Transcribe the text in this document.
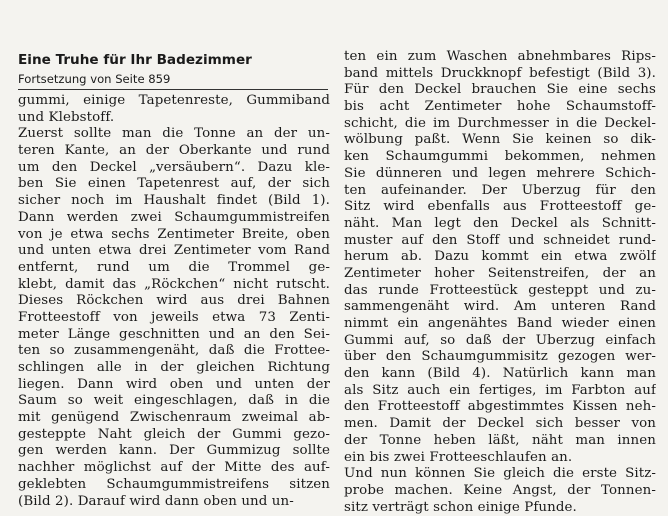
Eine Truhe für Ihr Badezimmer
Fortsetzung von Seite 859
gummi, einige Tapetenreste, Gummiband
und Klebstoff.
Zuerst sollte man die Tonne an der un-
teren Kante, an der Oberkante und rund
um den Deckel „versäubern“. Dazu kle-
ben Sie einen Tapetenrest auf, der sich
sicher noch im Haushalt findet (Bild 1).
Dann werden zwei Schaumgummistreifen
von je etwa sechs Zentimeter Breite, oben
und unten etwa drei Zentimeter vom Rand
entfernt, rund um die Trommel ge-
klebt, damit das „Röckchen“ nicht rutscht.
Dieses Röckchen wird aus drei Bahnen
Frotteestoff von jeweils etwa 73 Zenti-
meter Länge geschnitten und an den Sei-
ten so zusammengenäht, daß die Frottee-
schlingen alle in der gleichen Richtung
liegen. Dann wird oben und unten der
Saum so weit eingeschlagen, daß in die
mit genügend Zwischenraum zweimal ab-
gesteppte Naht gleich der Gummi gezo-
gen werden kann. Der Gummizug sollte
nachher möglichst auf der Mitte des auf-
geklebten Schaumgummistreifens sitzen
(Bild 2). Darauf wird dann oben und un-
ten ein zum Waschen abnehmbares Rips-
band mittels Druckknopf befestigt (Bild 3).
Für den Deckel brauchen Sie eine sechs
bis acht Zentimeter hohe Schaumstoff-
schicht, die im Durchmesser in die Deckel-
wölbung paßt. Wenn Sie keinen so dik-
ken Schaumgummi bekommen, nehmen
Sie dünneren und legen mehrere Schich-
ten aufeinander. Der Überzug für den
Sitz wird ebenfalls aus Frotteestoff ge-
näht. Man legt den Deckel als Schnitt-
muster auf den Stoff und schneidet rund-
herum ab. Dazu kommt ein etwa zwölf
Zentimeter hoher Seitenstreifen, der an
das runde Frotteestück gesteppt und zu-
sammengenäht wird. Am unteren Rand
nimmt ein angenähtes Band wieder einen
Gummi auf, so daß der Überzug einfach
über den Schaumgummisitz gezogen wer-
den kann (Bild 4). Natürlich kann man
als Sitz auch ein fertiges, im Farbton auf
den Frotteestoff abgestimmtes Kissen neh-
men. Damit der Deckel sich besser von
der Tonne heben läßt, näht man innen
ein bis zwei Frotteeschlaufen an.
Und nun können Sie gleich die erste Sitz-
probe machen. Keine Angst, der Tonnen-
sitz verträgt schon einige Pfunde.
